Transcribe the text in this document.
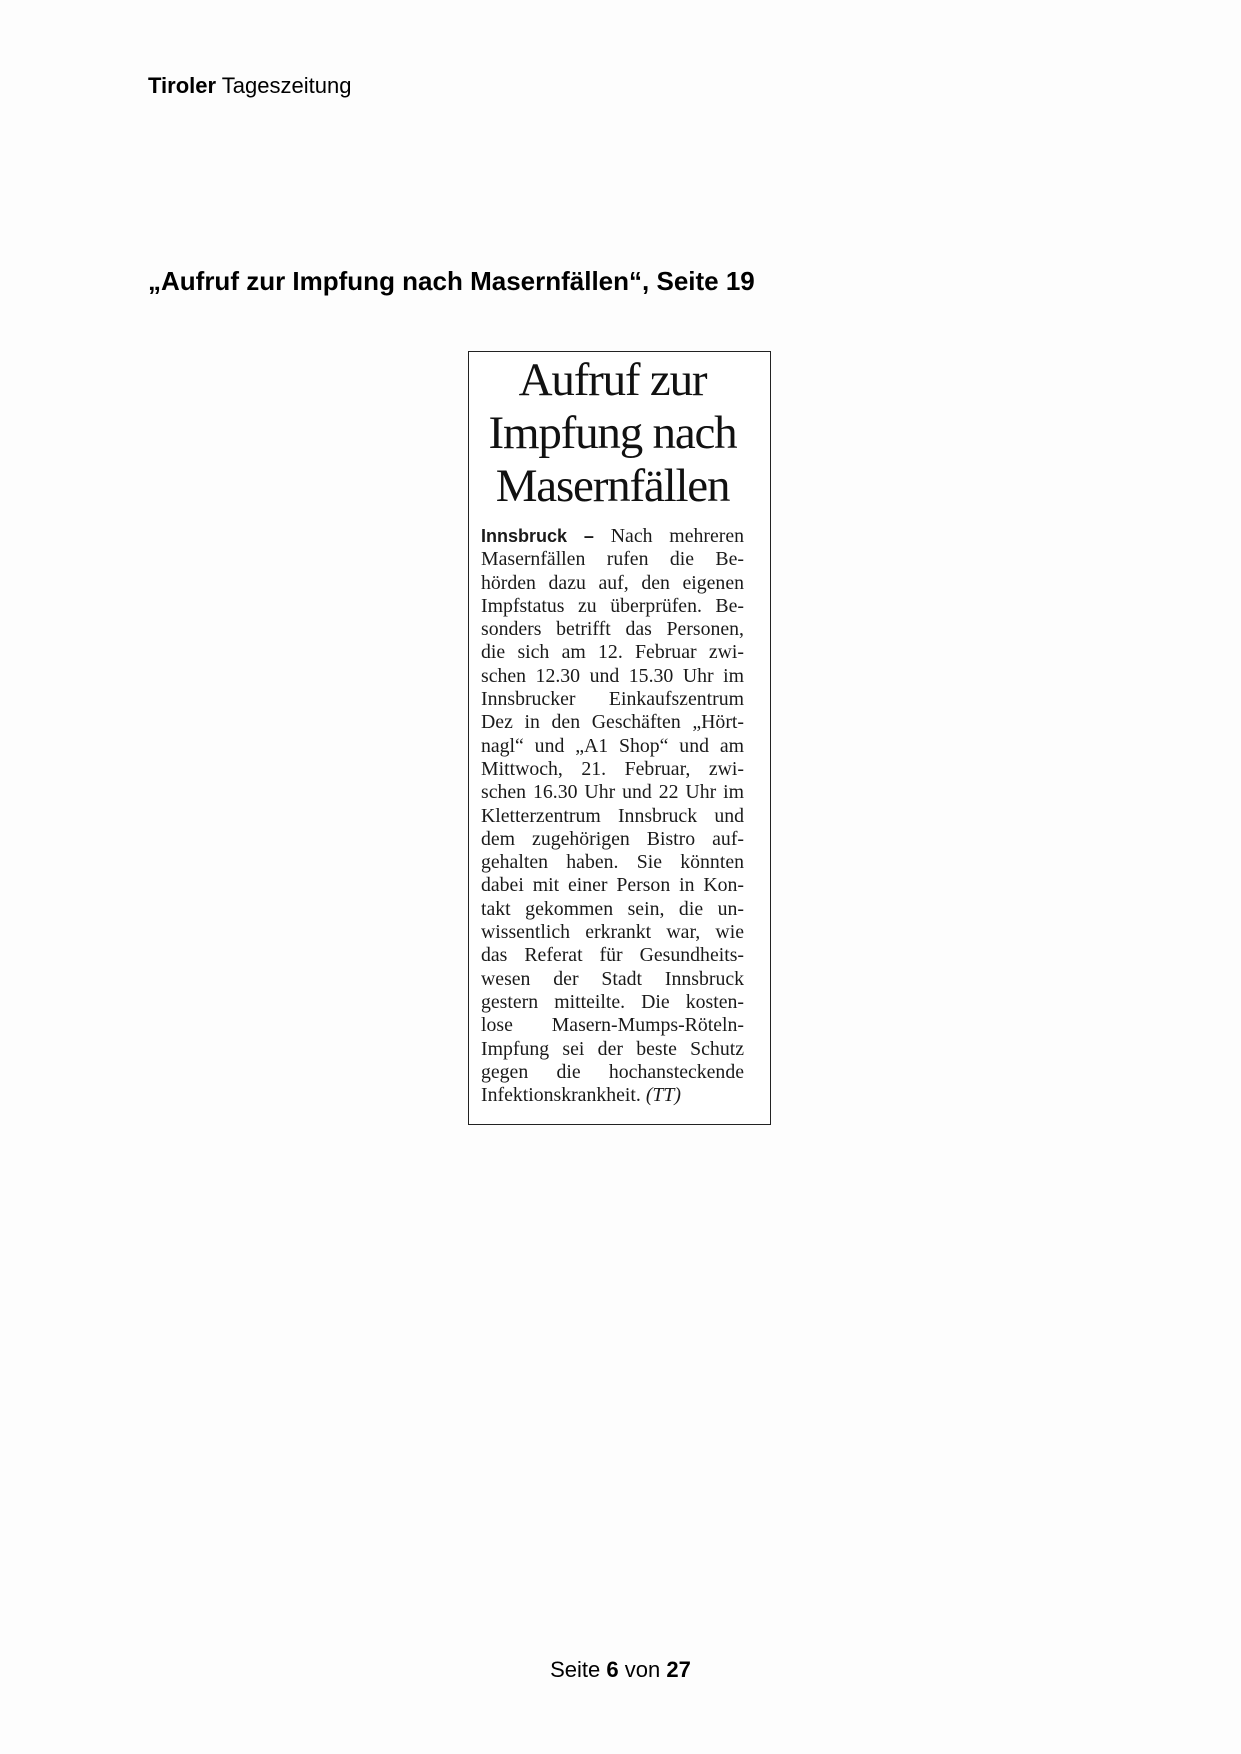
Tiroler Tageszeitung
„Aufruf zur Impfung nach Masernfällen“, Seite 19
Aufruf zur
Impfung nach
Masernfällen
Innsbruck – Nach mehreren
Masernfällen rufen die Be-
hörden dazu auf, den eigenen
Impfstatus zu überprüfen. Be-
sonders betrifft das Personen,
die sich am 12. Februar zwi-
schen 12.30 und 15.30 Uhr im
Innsbrucker Einkaufszentrum
Dez in den Geschäften „Hört-
nagl“ und „A1 Shop“ und am
Mittwoch, 21. Februar, zwi-
schen 16.30 Uhr und 22 Uhr im
Kletterzentrum Innsbruck und
dem zugehörigen Bistro auf-
gehalten haben. Sie könnten
dabei mit einer Person in Kon-
takt gekommen sein, die un-
wissentlich erkrankt war, wie
das Referat für Gesundheits-
wesen der Stadt Innsbruck
gestern mitteilte. Die kosten-
lose Masern-Mumps-Röteln-
Impfung sei der beste Schutz
gegen die hochansteckende
Infektionskrankheit. (TT)
Seite 6 von 27
